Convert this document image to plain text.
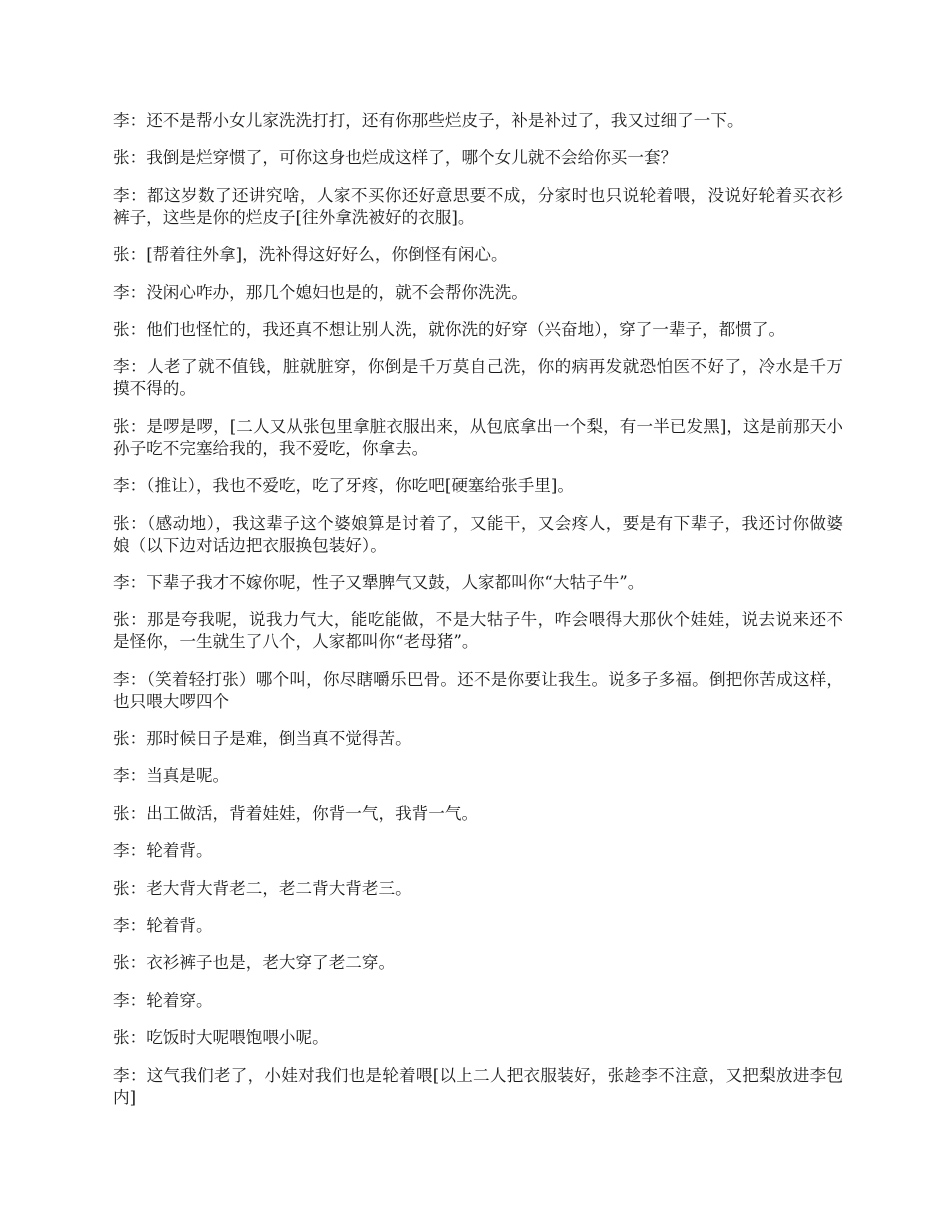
李：还不是帮小女儿家洗洗打打，还有你那些烂皮子，补是补过了，我又过细了一下。

张：我倒是烂穿惯了，可你这身也烂成这样了，哪个女儿就不会给你买一套？

李：都这岁数了还讲究啥，人家不买你还好意思要不成，分家时也只说轮着喂，没说好轮着买衣衫裤子，这些是你的烂皮子[往外拿洗被好的衣服]。

张：[帮着往外拿]，洗补得这好好么，你倒怪有闲心。

李：没闲心咋办，那几个媳妇也是的，就不会帮你洗洗。

张：他们也怪忙的，我还真不想让别人洗，就你洗的好穿（兴奋地），穿了一辈子，都惯了。

李：人老了就不值钱，脏就脏穿，你倒是千万莫自己洗，你的病再发就恐怕医不好了，冷水是千万摸不得的。

张：是啰是啰，[二人又从张包里拿脏衣服出来，从包底拿出一个梨，有一半已发黑]，这是前那天小孙子吃不完塞给我的，我不爱吃，你拿去。

李：（推让），我也不爱吃，吃了牙疼，你吃吧[硬塞给张手里]。

张：（感动地），我这辈子这个婆娘算是讨着了，又能干，又会疼人，要是有下辈子，我还讨你做婆娘（以下边对话边把衣服换包装好）。

李：下辈子我才不嫁你呢，性子又犟脾气又鼓，人家都叫你“大牯子牛”。

张：那是夸我呢，说我力气大，能吃能做，不是大牯子牛，咋会喂得大那伙个娃娃，说去说来还不是怪你，一生就生了八个，人家都叫你“老母猪”。

李：（笑着轻打张）哪个叫，你尽瞎嚼乐巴骨。还不是你要让我生。说多子多福。倒把你苦成这样，也只喂大啰四个

张：那时候日子是难，倒当真不觉得苦。

李：当真是呢。

张：出工做活，背着娃娃，你背一气，我背一气。

李：轮着背。

张：老大背大背老二，老二背大背老三。

李：轮着背。

张：衣衫裤子也是，老大穿了老二穿。

李：轮着穿。

张：吃饭时大呢喂饱喂小呢。

李：这气我们老了，小娃对我们也是轮着喂[以上二人把衣服装好，张趁李不注意，又把梨放进李包内]
